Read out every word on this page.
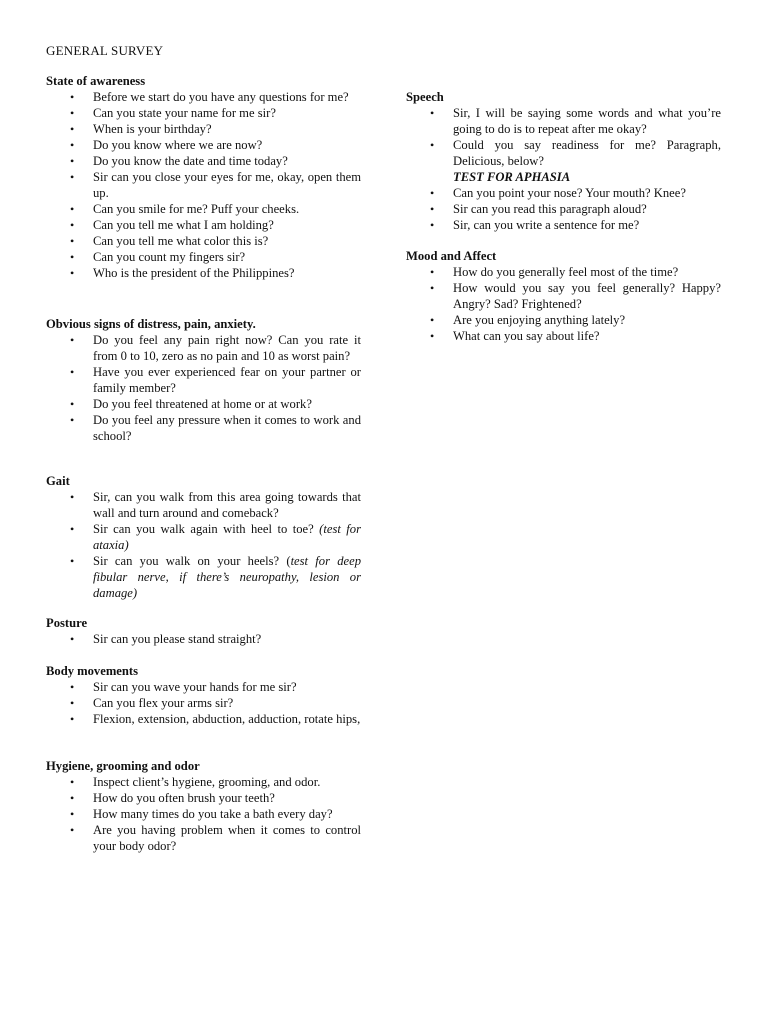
GENERAL SURVEY
State of awareness
•	Before we start do you have any questions for me?
•	Can you state your name for me sir?
•	When is your birthday?
•	Do you know where we are now?
•	Do you know the date and time today?
•	Sir can you close your eyes for me, okay, open them up.
•	Can you smile for me? Puff your cheeks.
•	Can you tell me what I am holding?
•	Can you tell me what color this is?
•	Can you count my fingers sir?
•	Who is the president of the Philippines?
Obvious signs of distress, pain, anxiety.
•	Do you feel any pain right now? Can you rate it from 0 to 10, zero as no pain and 10 as worst pain?
•	Have you ever experienced fear on your partner or family member?
•	Do you feel threatened at home or at work?
•	Do you feel any pressure when it comes to work and school?
Gait
•	Sir, can you walk from this area going towards that wall and turn around and comeback?
•	Sir can you walk again with heel to toe? (test for ataxia)
•	Sir can you walk on your heels? (test for deep fibular nerve, if there’s neuropathy, lesion or damage)
Posture
•	Sir can you please stand straight?
Body movements
•	Sir can you wave your hands for me sir?
•	Can you flex your arms sir?
•	Flexion, extension, abduction, adduction, rotate hips,
Hygiene, grooming and odor
•	Inspect client’s hygiene, grooming, and odor.
•	How do you often brush your teeth?
•	How many times do you take a bath every day?
•	Are you having problem when it comes to control your body odor?
Speech
•	Sir, I will be saying some words and what you’re going to do is to repeat after me okay?
•	Could you say readiness for me? Paragraph, Delicious, below?
TEST FOR APHASIA
•	Can you point your nose? Your mouth? Knee?
•	Sir can you read this paragraph aloud?
•	Sir, can you write a sentence for me?
Mood and Affect
•	How do you generally feel most of the time?
•	How would you say you feel generally? Happy? Angry? Sad? Frightened?
•	Are you enjoying anything lately?
•	What can you say about life?
